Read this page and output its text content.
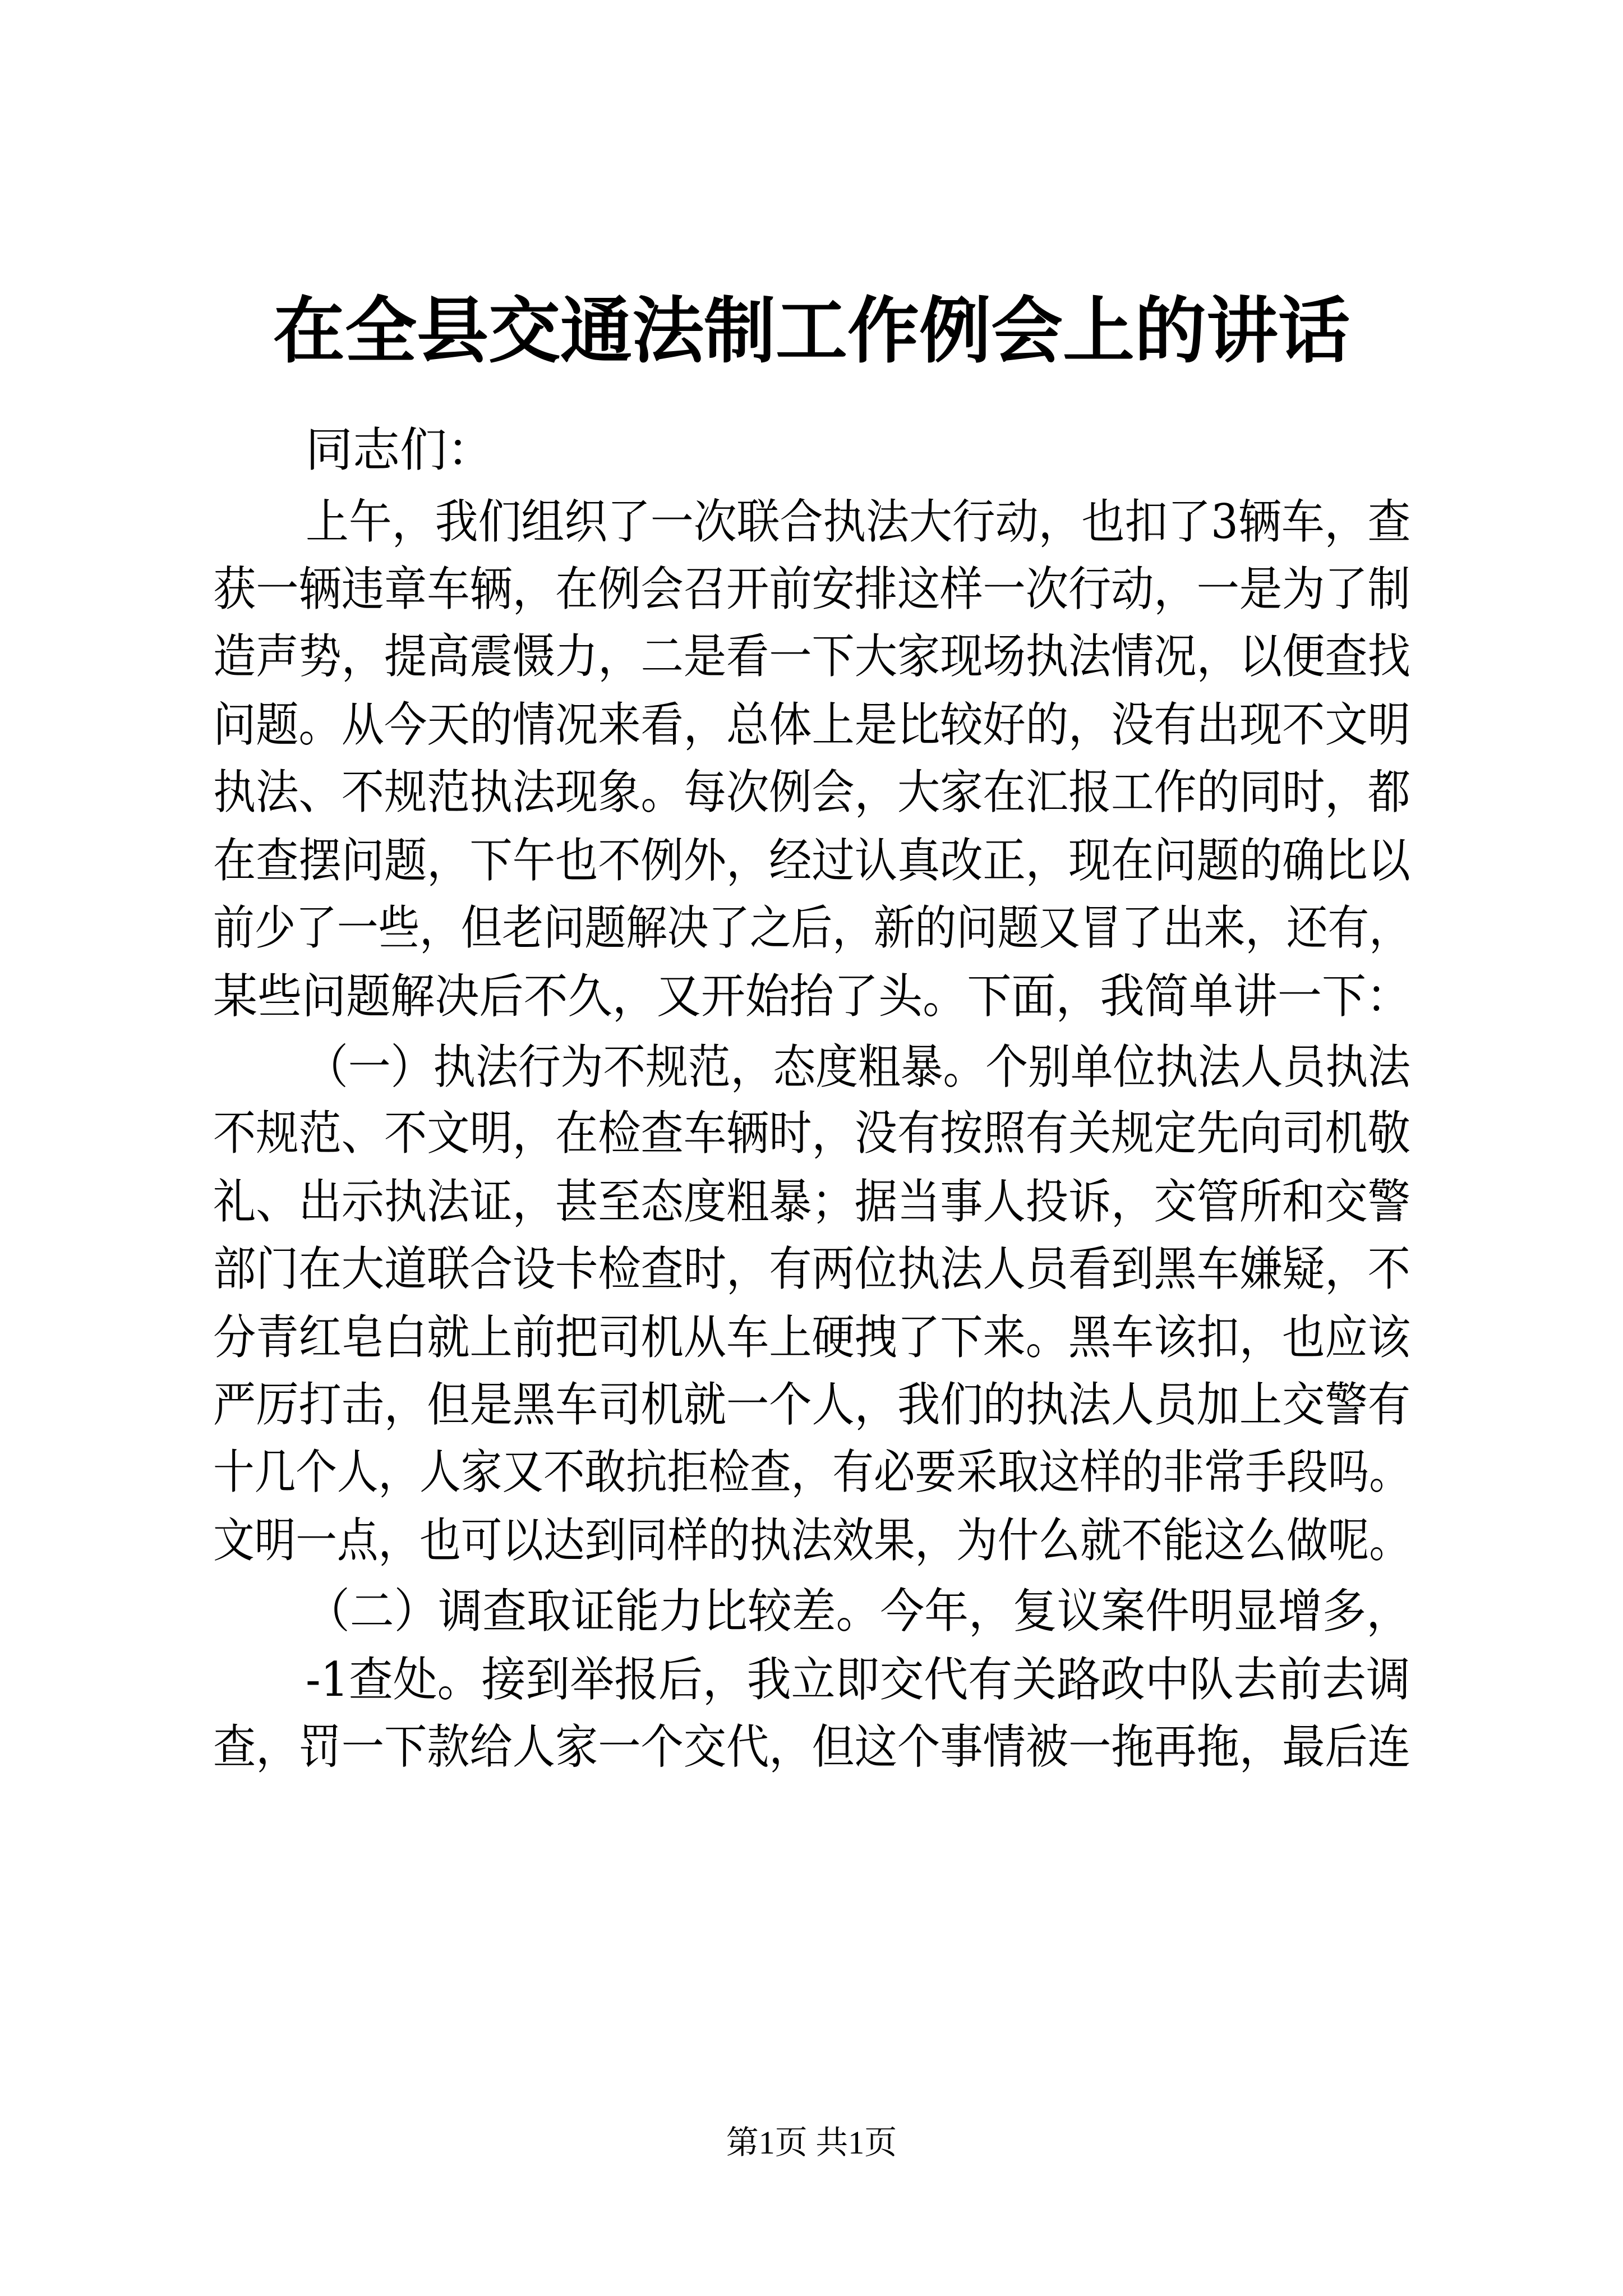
在全县交通法制工作例会上的讲话
同志们：
上午，我们组织了一次联合执法大行动，也扣了3辆车，查
获一辆违章车辆，在例会召开前安排这样一次行动，一是为了制
造声势，提高震慑力，二是看一下大家现场执法情况，以便查找
问题。从今天的情况来看，总体上是比较好的，没有出现不文明
执法、不规范执法现象。每次例会，大家在汇报工作的同时，都
在查摆问题，下午也不例外，经过认真改正，现在问题的确比以
前少了一些，但老问题解决了之后，新的问题又冒了出来，还有，
某些问题解决后不久，又开始抬了头。下面，我简单讲一下：
（一）执法行为不规范，态度粗暴。个别单位执法人员执法
不规范、不文明，在检查车辆时，没有按照有关规定先向司机敬
礼、出示执法证，甚至态度粗暴；据当事人投诉，交管所和交警
部门在大道联合设卡检查时，有两位执法人员看到黑车嫌疑，不
分青红皂白就上前把司机从车上硬拽了下来。黑车该扣，也应该
严厉打击，但是黑车司机就一个人，我们的执法人员加上交警有
十几个人，人家又不敢抗拒检查，有必要采取这样的非常手段吗。
文明一点，也可以达到同样的执法效果，为什么就不能这么做呢。
（二）调查取证能力比较差。今年，复议案件明显增多，
-1查处。接到举报后，我立即交代有关路政中队去前去调
查，罚一下款给人家一个交代，但这个事情被一拖再拖，最后连
第1页 共1页
